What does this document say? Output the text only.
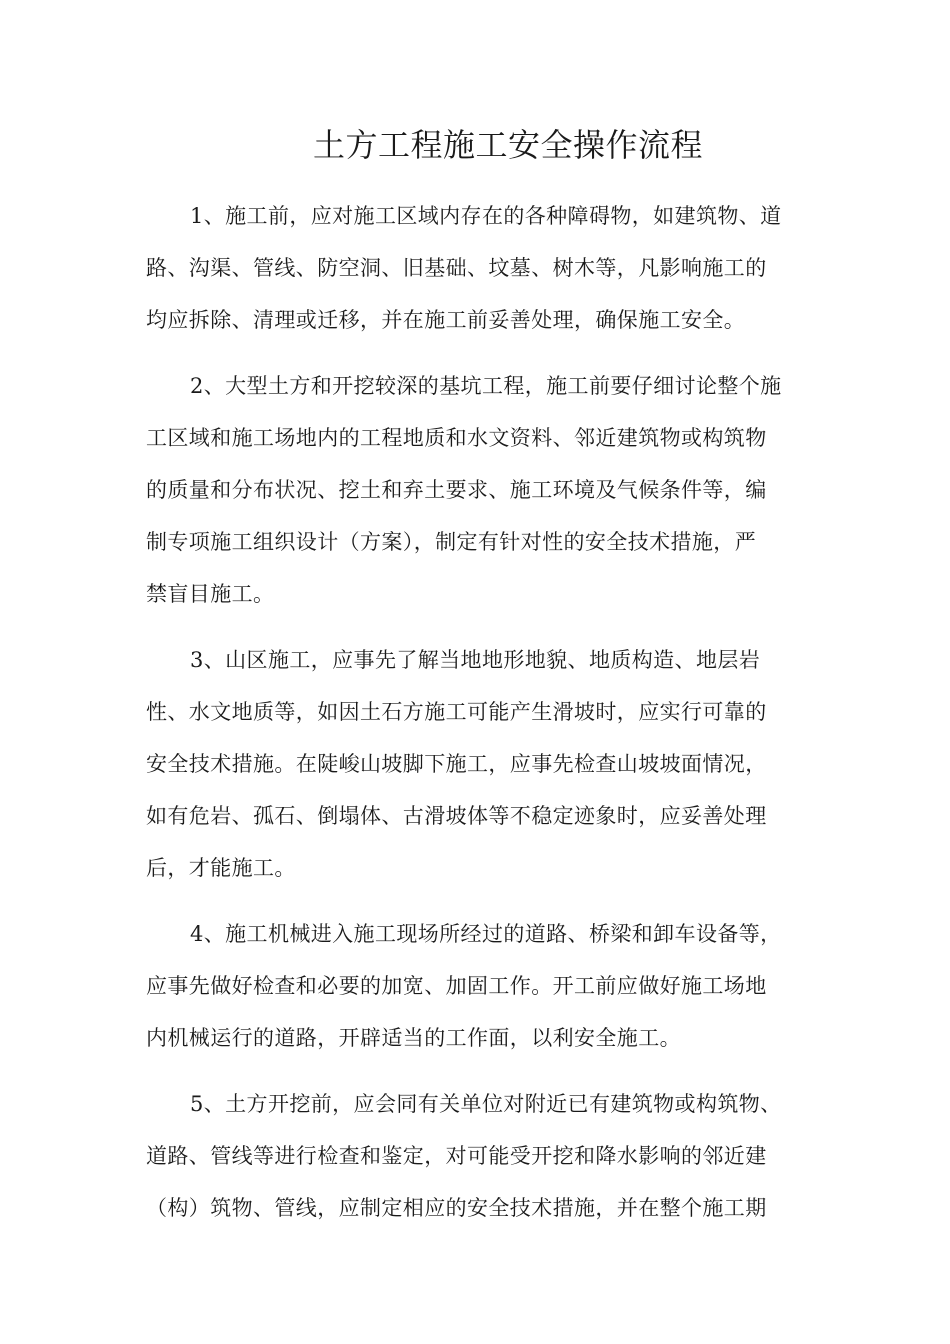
土方工程施工安全操作流程
1、施工前，应对施工区域内存在的各种障碍物，如建筑物、道
路、沟渠、管线、防空洞、旧基础、坟墓、树木等，凡影响施工的
均应拆除、清理或迁移，并在施工前妥善处理，确保施工安全。
2、大型土方和开挖较深的基坑工程，施工前要仔细讨论整个施
工区域和施工场地内的工程地质和水文资料、邻近建筑物或构筑物
的质量和分布状况、挖土和弃土要求、施工环境及气候条件等，编
制专项施工组织设计（方案），制定有针对性的安全技术措施，严
禁盲目施工。
3、山区施工，应事先了解当地地形地貌、地质构造、地层岩
性、水文地质等，如因土石方施工可能产生滑坡时，应实行可靠的
安全技术措施。在陡峻山坡脚下施工，应事先检查山坡坡面情况，
如有危岩、孤石、倒塌体、古滑坡体等不稳定迹象时，应妥善处理
后，才能施工。
4、施工机械进入施工现场所经过的道路、桥梁和卸车设备等，
应事先做好检查和必要的加宽、加固工作。开工前应做好施工场地
内机械运行的道路，开辟适当的工作面，以利安全施工。
5、土方开挖前，应会同有关单位对附近已有建筑物或构筑物、
道路、管线等进行检查和鉴定，对可能受开挖和降水影响的邻近建
（构）筑物、管线，应制定相应的安全技术措施，并在整个施工期
